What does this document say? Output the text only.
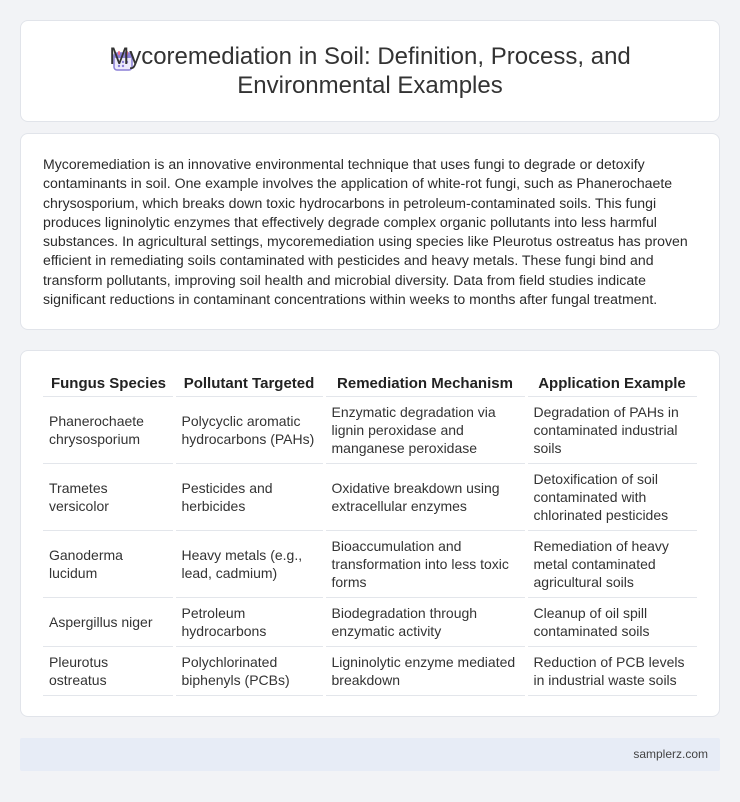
Mycoremediation in Soil: Definition, Process, and Environmental Examples

Mycoremediation is an innovative environmental technique that uses fungi to degrade or detoxify contaminants in soil. One example involves the application of white-rot fungi, such as Phanerochaete chrysosporium, which breaks down toxic hydrocarbons in petroleum-contaminated soils. This fungi produces ligninolytic enzymes that effectively degrade complex organic pollutants into less harmful substances. In agricultural settings, mycoremediation using species like Pleurotus ostreatus has proven efficient in remediating soils contaminated with pesticides and heavy metals. These fungi bind and transform pollutants, improving soil health and microbial diversity. Data from field studies indicate significant reductions in contaminant concentrations within weeks to months after fungal treatment.

Fungus Species	Pollutant Targeted	Remediation Mechanism	Application Example
Phanerochaete chrysosporium	Polycyclic aromatic hydrocarbons (PAHs)	Enzymatic degradation via lignin peroxidase and manganese peroxidase	Degradation of PAHs in contaminated industrial soils
Trametes versicolor	Pesticides and herbicides	Oxidative breakdown using extracellular enzymes	Detoxification of soil contaminated with chlorinated pesticides
Ganoderma lucidum	Heavy metals (e.g., lead, cadmium)	Bioaccumulation and transformation into less toxic forms	Remediation of heavy metal contaminated agricultural soils
Aspergillus niger	Petroleum hydrocarbons	Biodegradation through enzymatic activity	Cleanup of oil spill contaminated soils
Pleurotus ostreatus	Polychlorinated biphenyls (PCBs)	Ligninolytic enzyme mediated breakdown	Reduction of PCB levels in industrial waste soils
samplerz.com
